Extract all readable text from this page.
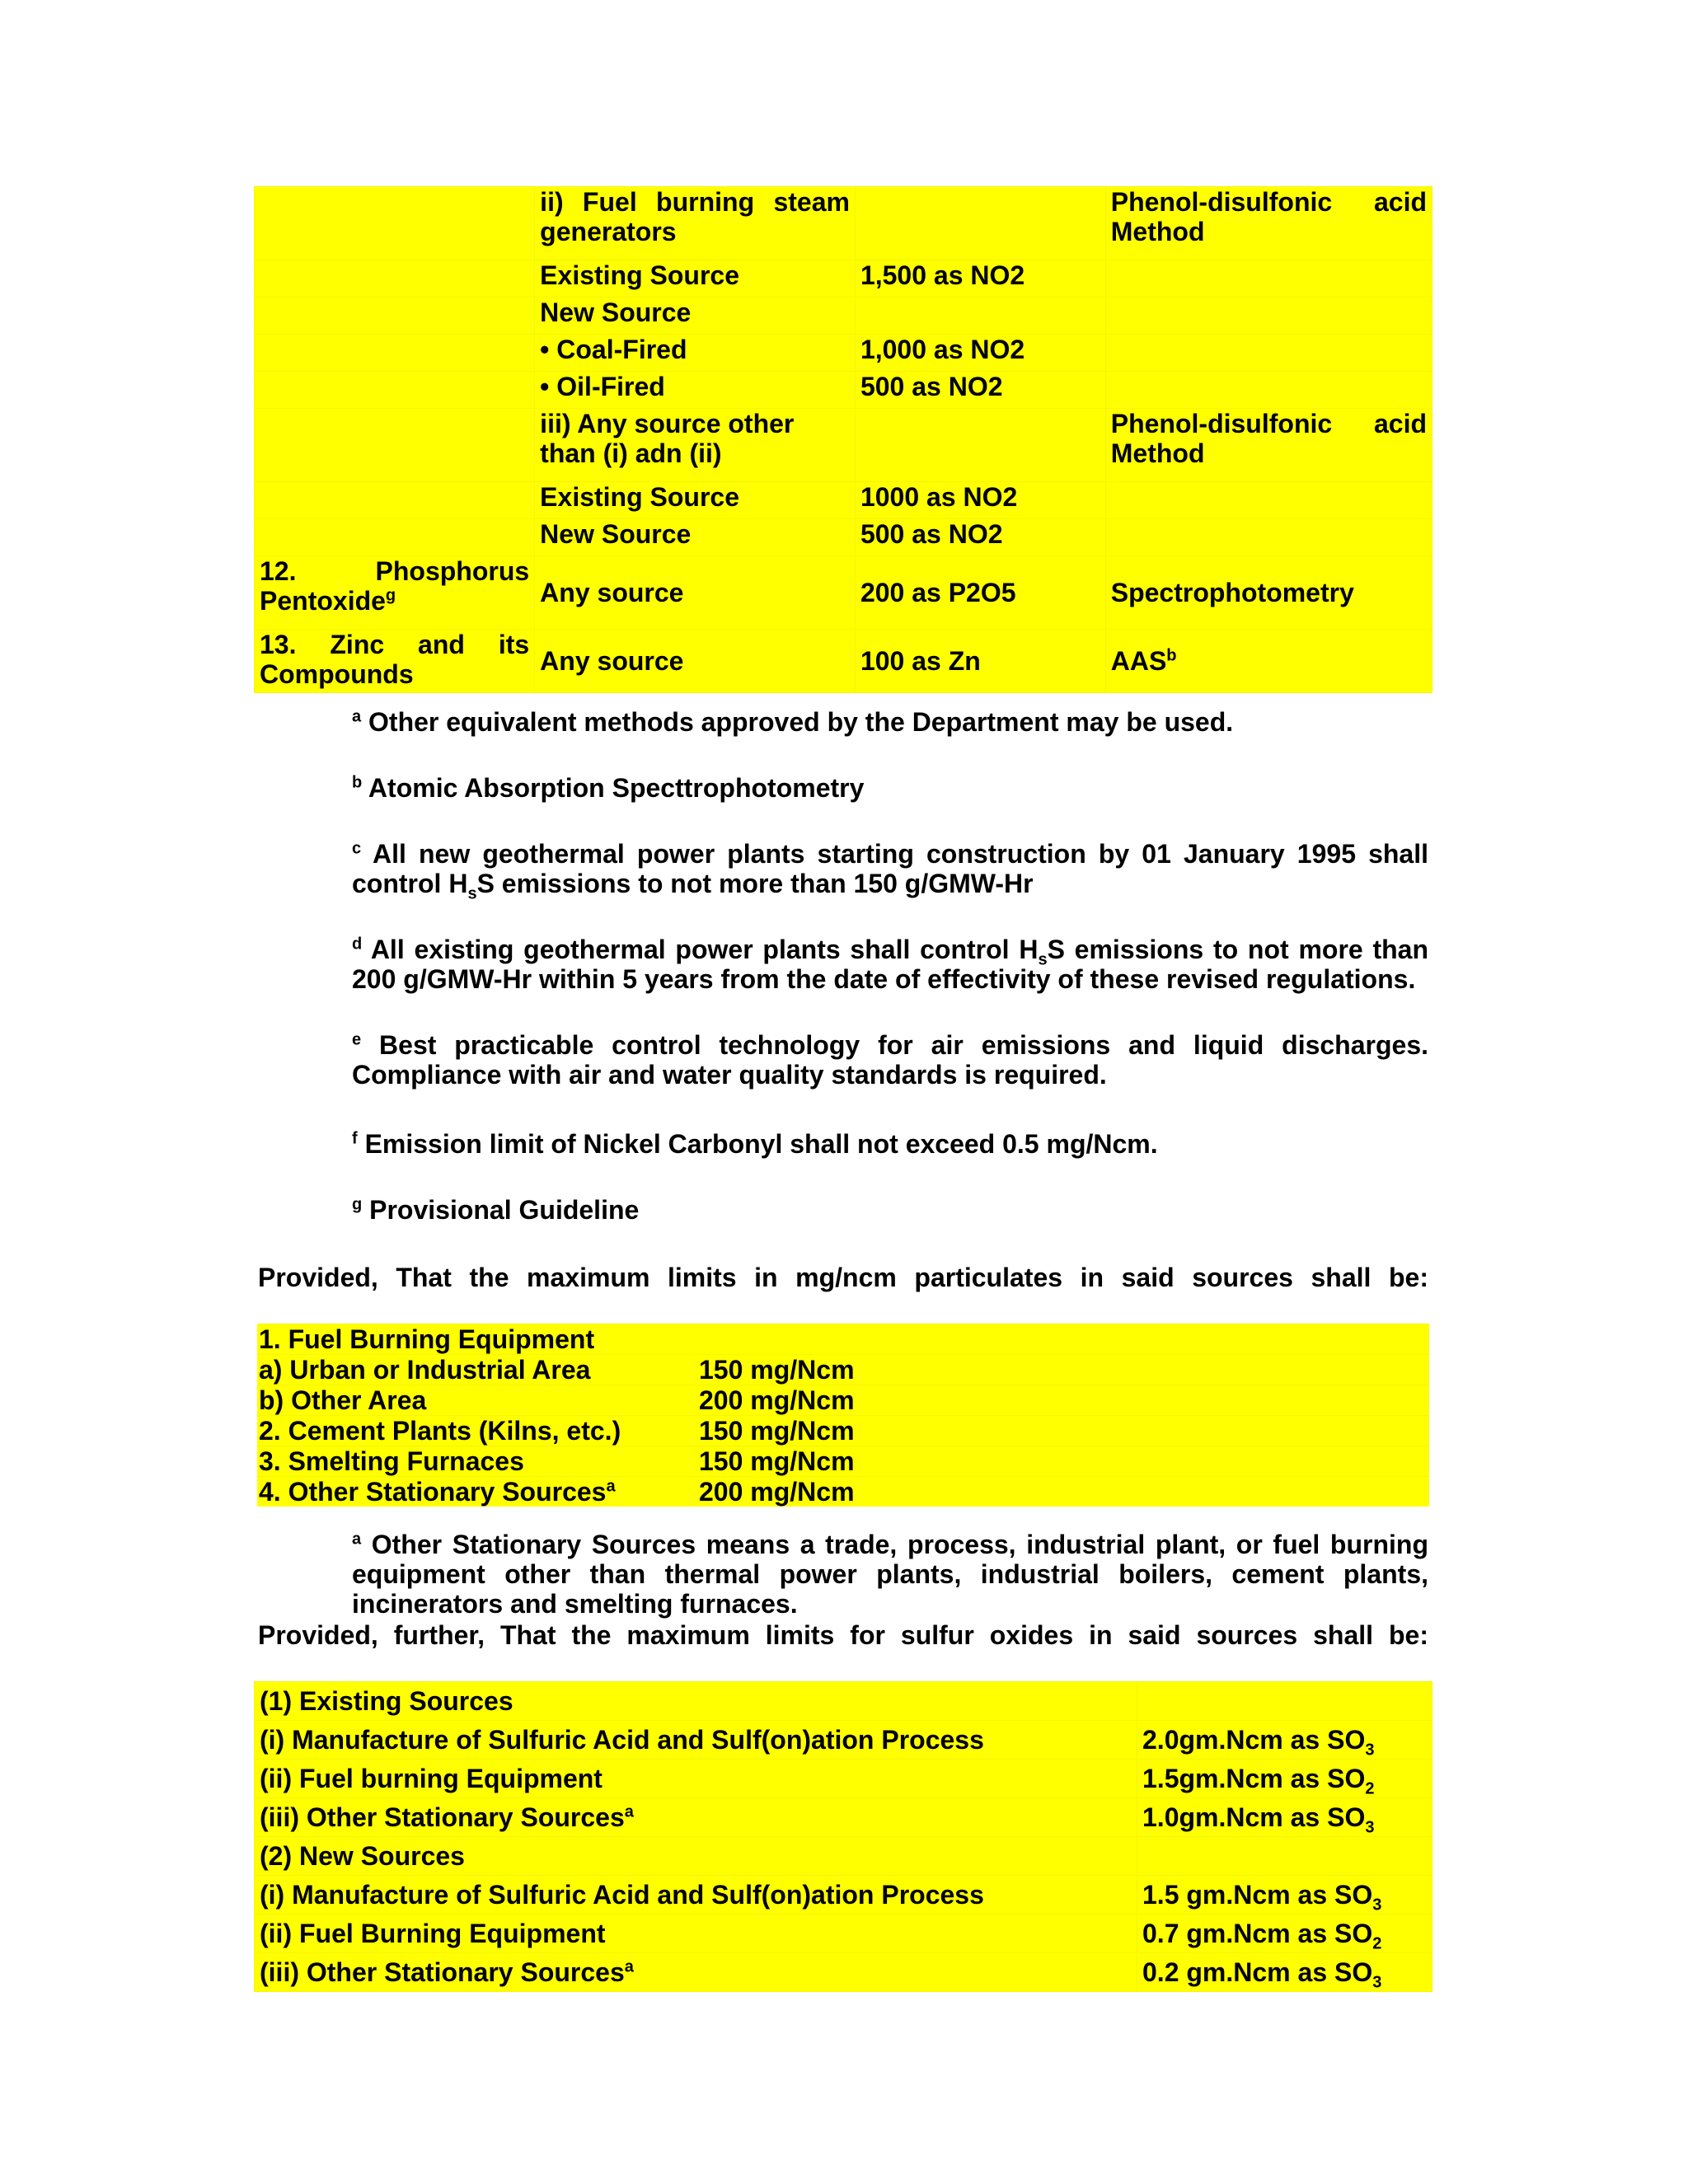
	ii) Fuel burning steam generators		Phenol-disulfonic acid Method

	Existing Source	1,500 as NO2	
	New Source		
	• Coal-Fired	1,000 as NO2	
	• Oil-Fired	500 as NO2	
	iii) Any source other than (i) adn (ii)		Phenol-disulfonic acid Method

	Existing Source	1000 as NO2	
	New Source	500 as NO2	

12. Phosphorus
Pentoxide$^g$	Any source	200 as P2O5	Spectrophotometry

13. Zinc and its
Compounds	Any source	100 as Zn	AAS$^b$
$^a$ Other equivalent methods approved by the Department may be used.
$^b$ Atomic Absorption Specttrophotometry
$^c$ All new geothermal power plants starting construction by 01 January 1995 shall
control $H_sS$ emissions to not more than 150 g/GMW-Hr
$^d$ All existing geothermal power plants shall control $H_sS$ emissions to not more than
200 g/GMW-Hr within 5 years from the date of effectivity of these revised regulations.
$^e$ Best practicable control technology for air emissions and liquid discharges.
Compliance with air and water quality standards is required.
$^f$ Emission limit of Nickel Carbonyl shall not exceed 0.5 mg/Ncm.
$^g$ Provisional Guideline
Provided, That the maximum limits in mg/ncm particulates in said sources shall be:
1. Fuel Burning Equipment	
a) Urban or Industrial Area	150 mg/Ncm
b) Other Area	200 mg/Ncm
2. Cement Plants (Kilns, etc.)	150 mg/Ncm
3. Smelting Furnaces	150 mg/Ncm
4. Other Stationary Sources$^a$	200 mg/Ncm
$^a$ Other Stationary Sources means a trade, process, industrial plant, or fuel burning
equipment other than thermal power plants, industrial boilers, cement plants,
incinerators and smelting furnaces.
Provided, further, That the maximum limits for sulfur oxides in said sources shall be:
(1) Existing Sources	
(i) Manufacture of Sulfuric Acid and Sulf(on)ation Process	2.0gm.Ncm as $SO_3$
(ii) Fuel burning Equipment	1.5gm.Ncm as $SO_2$
(iii) Other Stationary Sources$^a$	1.0gm.Ncm as $SO_3$
(2) New Sources	
(i) Manufacture of Sulfuric Acid and Sulf(on)ation Process	1.5 gm.Ncm as $SO_3$
(ii) Fuel Burning Equipment	0.7 gm.Ncm as $SO_2$
(iii) Other Stationary Sources$^a$	0.2 gm.Ncm as $SO_3$
